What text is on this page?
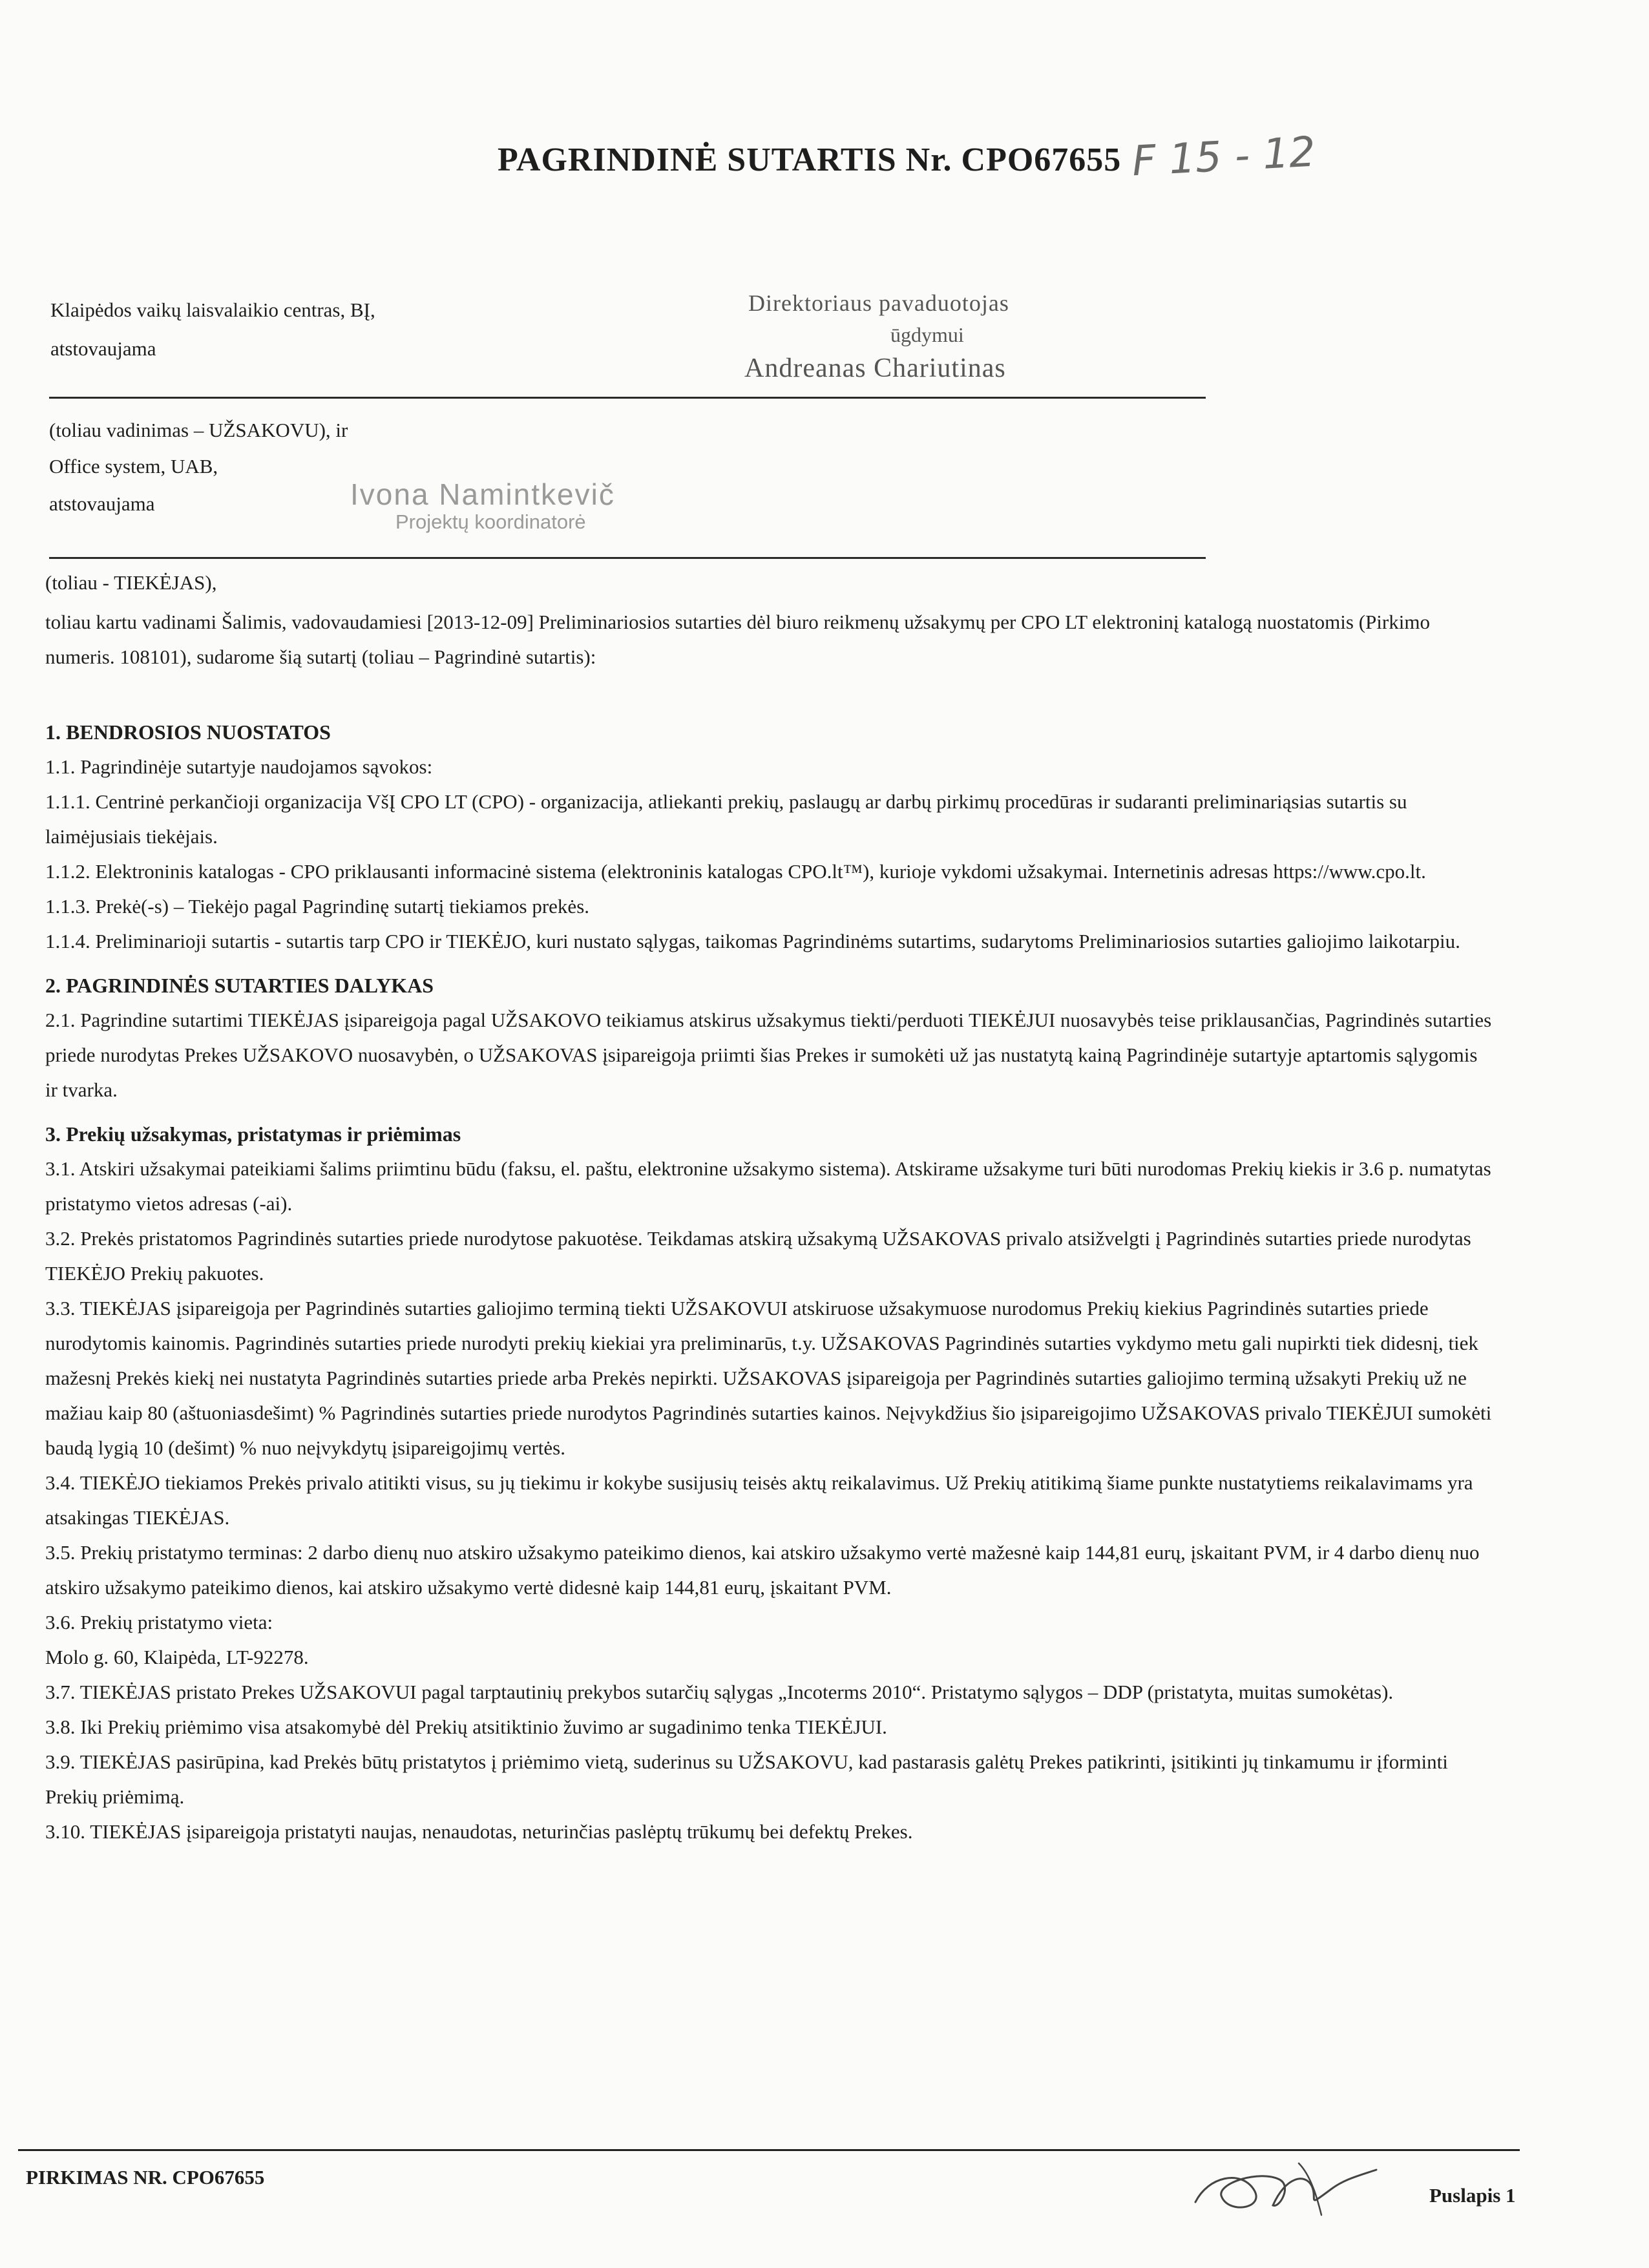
PAGRINDINĖ SUTARTIS Nr. CPO67655 F 15 - 12
Klaipėdos vaikų laisvalaikio centras, BĮ,
atstovaujama
Direktoriaus pavaduotojas
ūgdymui
Andreanas Chariutinas
(toliau vadinimas – UŽSAKOVU), ir
Office system, UAB,
atstovaujama	Ivona Namintkevič
Projektų koordinatorė
(toliau - TIEKĖJAS),

toliau kartu vadinami Šalimis, vadovaudamiesi [2013-12-09] Preliminariosios sutarties dėl biuro reikmenų užsakymų per CPO LT elektroninį katalogą nuostatomis (Pirkimo numeris. 108101), sudarome šią sutartį (toliau – Pagrindinė sutartis):

1. BENDROSIOS NUOSTATOS

1.1. Pagrindinėje sutartyje naudojamos sąvokos:

1.1.1. Centrinė perkančioji organizacija VšĮ CPO LT (CPO) - organizacija, atliekanti prekių, paslaugų ar darbų pirkimų procedūras ir sudaranti preliminariąsias sutartis su laimėjusiais tiekėjais.

1.1.2. Elektroninis katalogas - CPO priklausanti informacinė sistema (elektroninis katalogas CPO.lt™), kurioje vykdomi užsakymai. Internetinis adresas https://www.cpo.lt.

1.1.3. Prekė(-s) – Tiekėjo pagal Pagrindinę sutartį tiekiamos prekės.

1.1.4. Preliminarioji sutartis - sutartis tarp CPO ir TIEKĖJO, kuri nustato sąlygas, taikomas Pagrindinėms sutartims, sudarytoms Preliminariosios sutarties galiojimo laikotarpiu.

2. PAGRINDINĖS SUTARTIES DALYKAS

2.1. Pagrindine sutartimi TIEKĖJAS įsipareigoja pagal UŽSAKOVO teikiamus atskirus užsakymus tiekti/perduoti TIEKĖJUI nuosavybės teise priklausančias, Pagrindinės sutarties priede nurodytas Prekes UŽSAKOVO nuosavybėn, o UŽSAKOVAS įsipareigoja priimti šias Prekes ir sumokėti už jas nustatytą kainą Pagrindinėje sutartyje aptartomis sąlygomis ir tvarka.

3. Prekių užsakymas, pristatymas ir priėmimas

3.1. Atskiri užsakymai pateikiami šalims priimtinu būdu (faksu, el. paštu, elektronine užsakymo sistema). Atskirame užsakyme turi būti nurodomas Prekių kiekis ir 3.6 p. numatytas pristatymo vietos adresas (-ai).

3.2. Prekės pristatomos Pagrindinės sutarties priede nurodytose pakuotėse. Teikdamas atskirą užsakymą UŽSAKOVAS privalo atsižvelgti į Pagrindinės sutarties priede nurodytas TIEKĖJO Prekių pakuotes.

3.3. TIEKĖJAS įsipareigoja per Pagrindinės sutarties galiojimo terminą tiekti UŽSAKOVUI atskiruose užsakymuose nurodomus Prekių kiekius Pagrindinės sutarties priede nurodytomis kainomis. Pagrindinės sutarties priede nurodyti prekių kiekiai yra preliminarūs, t.y. UŽSAKOVAS Pagrindinės sutarties vykdymo metu gali nupirkti tiek didesnį, tiek mažesnį Prekės kiekį nei nustatyta Pagrindinės sutarties priede arba Prekės nepirkti. UŽSAKOVAS įsipareigoja per Pagrindinės sutarties galiojimo terminą užsakyti Prekių už ne mažiau kaip 80 (aštuoniasdešimt) % Pagrindinės sutarties priede nurodytos Pagrindinės sutarties kainos. Neįvykdžius šio įsipareigojimo UŽSAKOVAS privalo TIEKĖJUI sumokėti baudą lygią 10 (dešimt) % nuo neįvykdytų įsipareigojimų vertės.

3.4. TIEKĖJO tiekiamos Prekės privalo atitikti visus, su jų tiekimu ir kokybe susijusių teisės aktų reikalavimus. Už Prekių atitikimą šiame punkte nustatytiems reikalavimams yra atsakingas TIEKĖJAS.

3.5. Prekių pristatymo terminas: 2 darbo dienų nuo atskiro užsakymo pateikimo dienos, kai atskiro užsakymo vertė mažesnė kaip 144,81 eurų, įskaitant PVM, ir 4 darbo dienų nuo atskiro užsakymo pateikimo dienos, kai atskiro užsakymo vertė didesnė kaip 144,81 eurų, įskaitant PVM.

3.6. Prekių pristatymo vieta:

Molo g. 60, Klaipėda, LT-92278.

3.7. TIEKĖJAS pristato Prekes UŽSAKOVUI pagal tarptautinių prekybos sutarčių sąlygas „Incoterms 2010“. Pristatymo sąlygos – DDP (pristatyta, muitas sumokėtas).

3.8. Iki Prekių priėmimo visa atsakomybė dėl Prekių atsitiktinio žuvimo ar sugadinimo tenka TIEKĖJUI.

3.9. TIEKĖJAS pasirūpina, kad Prekės būtų pristatytos į priėmimo vietą, suderinus su UŽSAKOVU, kad pastarasis galėtų Prekes patikrinti, įsitikinti jų tinkamumu ir įforminti Prekių priėmimą.

3.10. TIEKĖJAS įsipareigoja pristatyti naujas, nenaudotas, neturinčias paslėptų trūkumų bei defektų Prekes.

PIRKIMAS NR. CPO67655
Puslapis 1
